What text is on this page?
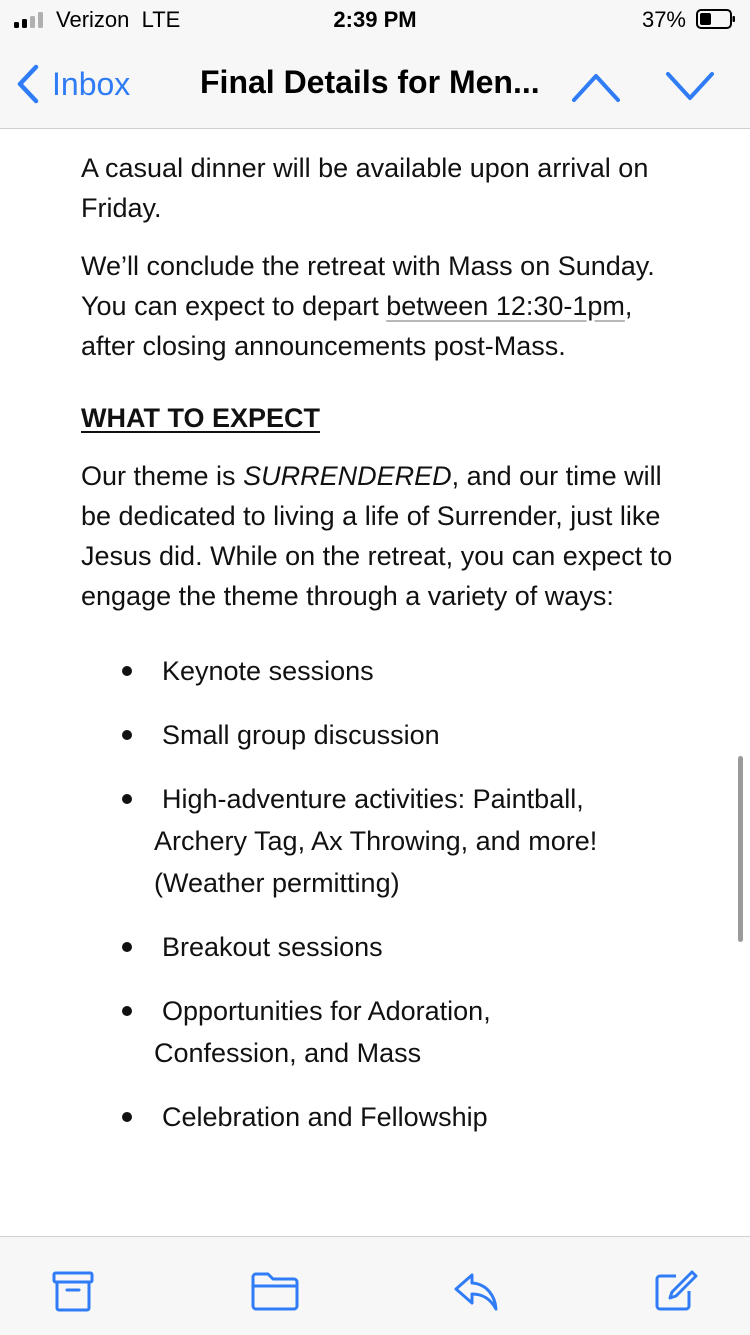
Verizon LTE	2:39 PM	37%
Inbox Final Details for Men...

A casual dinner will be available upon arrival on Friday.

We’ll conclude the retreat with Mass on Sunday. You can expect to depart between 12:30-1pm, after closing announcements post-Mass.

WHAT TO EXPECT

Our theme is SURRENDERED, and our time will be dedicated to living a life of Surrender, just like Jesus did. While on the retreat, you can expect to engage the theme through a variety of ways:

Keynote sessions
Small group discussion
High-adventure activities: Paintball,
Archery Tag, Ax Throwing, and more! (Weather permitting)
Breakout sessions
Opportunities for Adoration,
Confession, and Mass
Celebration and Fellowship
